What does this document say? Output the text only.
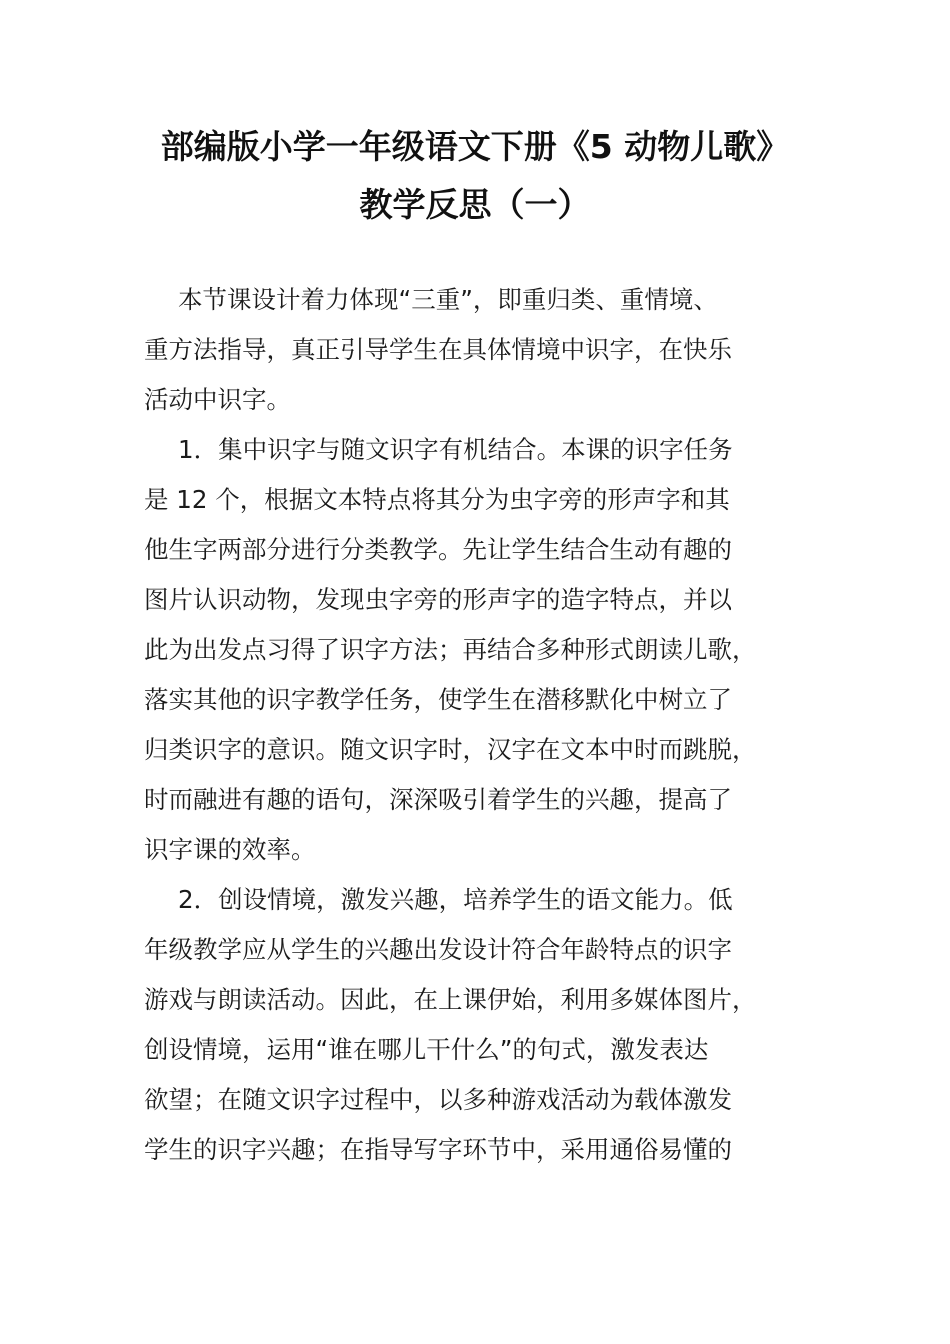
部编版小学一年级语文下册《5 动物儿歌》
教学反思（一）
本节课设计着力体现“三重”，即重归类、重情境、
重方法指导，真正引导学生在具体情境中识字，在快乐
活动中识字。
1．集中识字与随文识字有机结合。本课的识字任务
是 12 个，根据文本特点将其分为虫字旁的形声字和其
他生字两部分进行分类教学。先让学生结合生动有趣的
图片认识动物，发现虫字旁的形声字的造字特点，并以
此为出发点习得了识字方法；再结合多种形式朗读儿歌，
落实其他的识字教学任务，使学生在潜移默化中树立了
归类识字的意识。随文识字时，汉字在文本中时而跳脱，
时而融进有趣的语句，深深吸引着学生的兴趣，提高了
识字课的效率。
2．创设情境，激发兴趣，培养学生的语文能力。低
年级教学应从学生的兴趣出发设计符合年龄特点的识字
游戏与朗读活动。因此，在上课伊始，利用多媒体图片，
创设情境，运用“谁在哪儿干什么”的句式，激发表达
欲望；在随文识字过程中，以多种游戏活动为载体激发
学生的识字兴趣；在指导写字环节中，采用通俗易懂的
